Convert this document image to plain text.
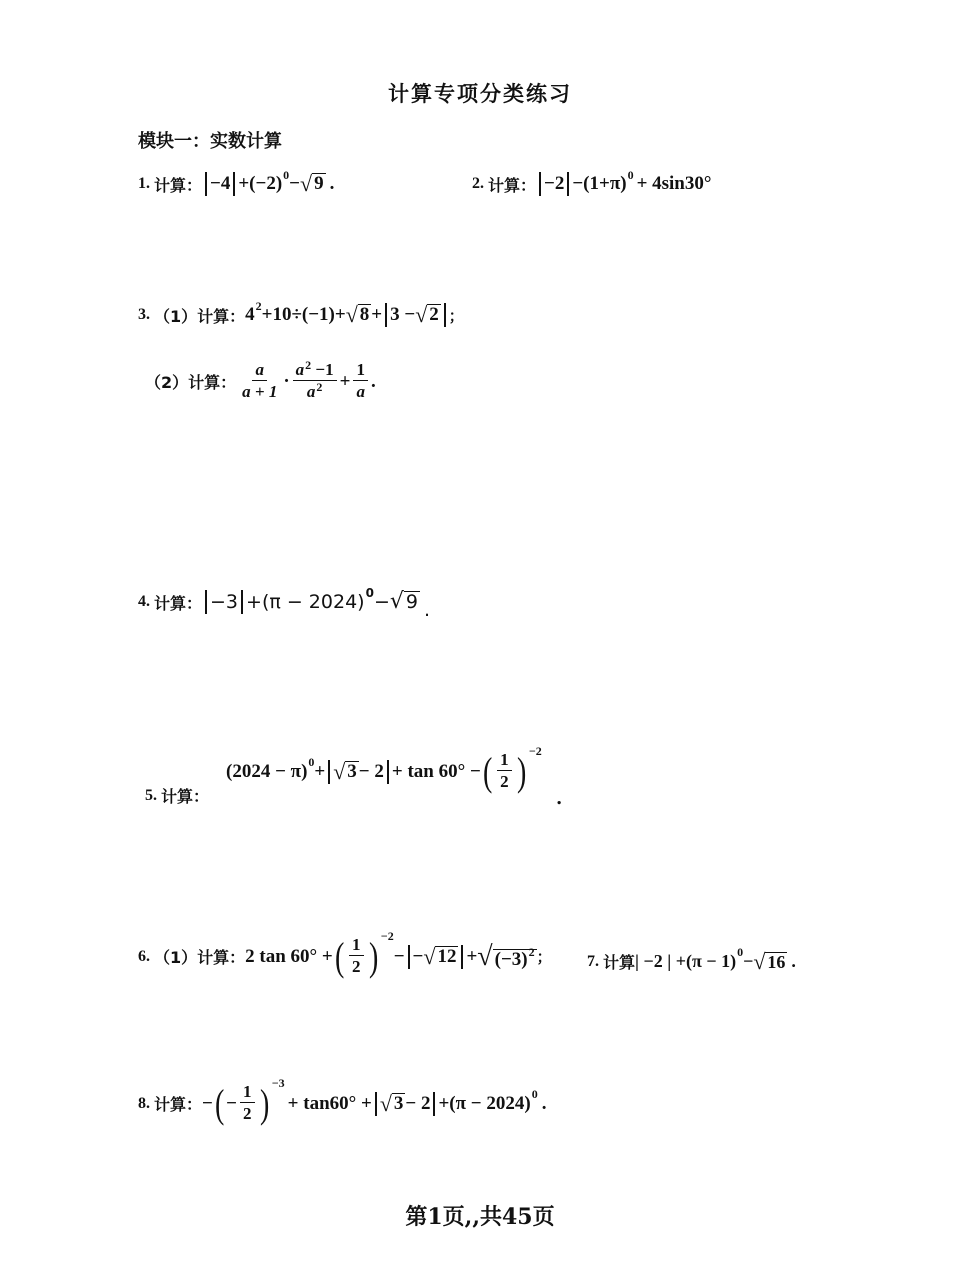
计算专项分类练习
模块一：实数计算
1. 计算： −4 + (−2) 0 − √ 9 .	2. 计算： −2 − (1+π) 0 + 4sin30°
3. （1）计算： 4 2 +10÷(−1)+ √ 8 + 3 − √ 2 ；
（2）计算： $\frac{a}{a + 1} \cdot \frac{a^2 -1}{a^2} + \frac{1}{a}$ .
4. 计算： −3 +(π − 2024) 0 − √ 9 .
5. 计算：
(2024 − π) 0 + √ 3 − 2 + tan 60° − ( $\frac{1}{2}$ ) −2
.
6. （1）计算： 2 tan 60° + ( $\frac{1}{2}$ ) −2
− − √ 12 + √ $(-3)^2$ ； 7. 计算 | −2 | +(π − 1) 0 − √ 16 .
8. 计算： − ( − $\frac{1}{2}$ ) −3
+ tan60° + √ 3 − 2 +(π − 2024) 0 .
第1页,,共45页
